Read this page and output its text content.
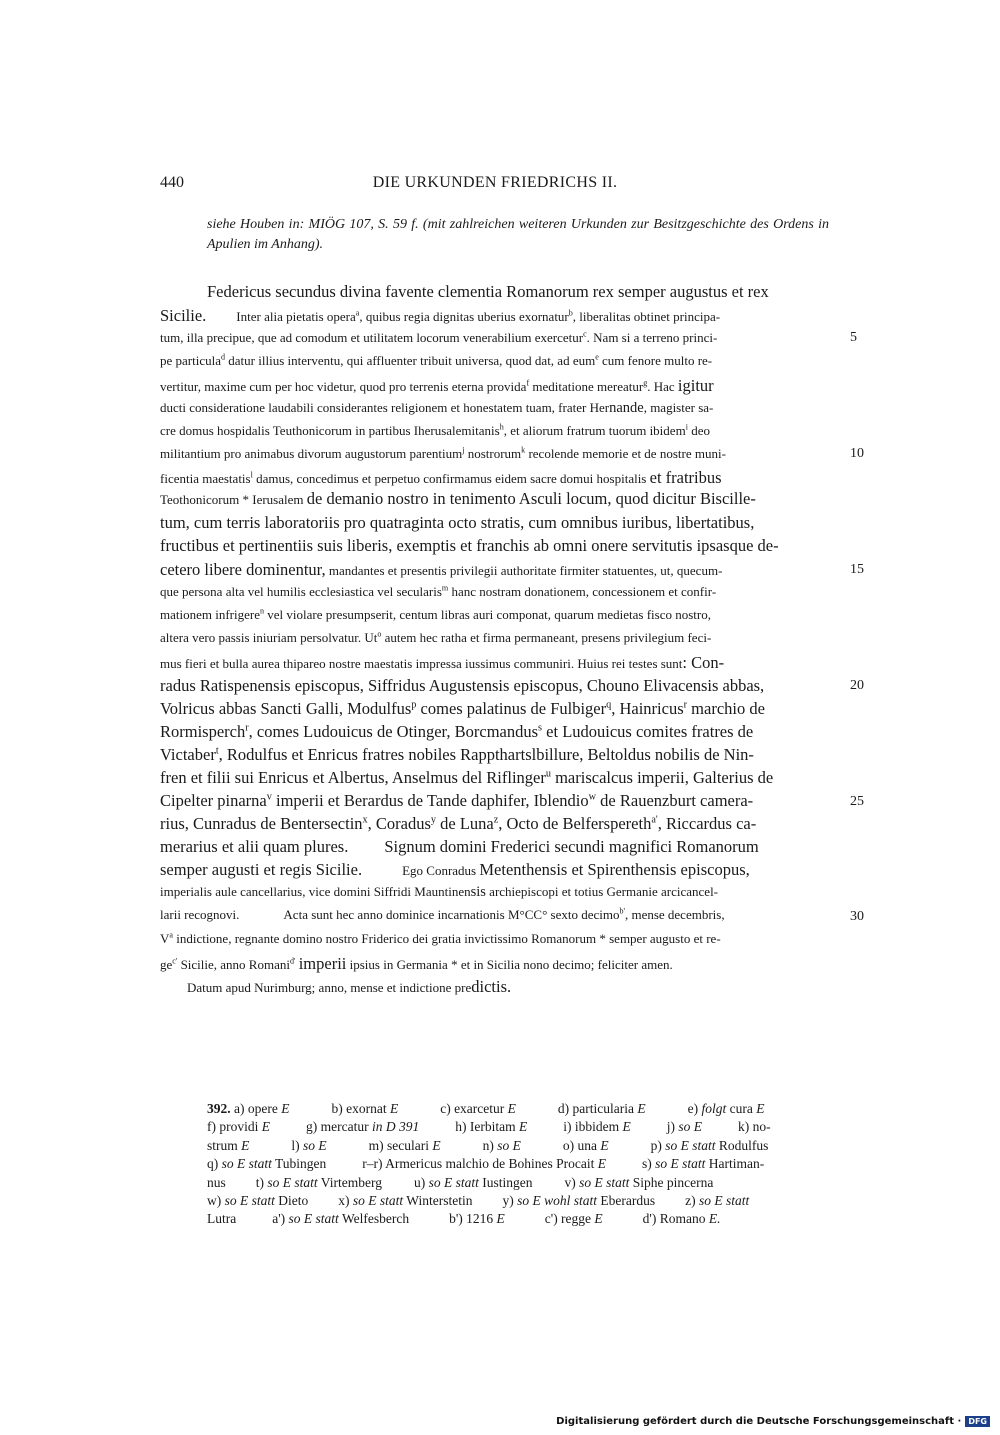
440	DIE URKUNDEN FRIEDRICHS II.
siehe Houben in: MIÖG 107, S. 59 f. (mit zahlreichen weiteren Urkunden zur Besitzgeschichte des Ordens in Apulien im Anhang).
Federicus secundus divina favente clementia Romanorum rex semper augustus et rex
Sicilie. Inter alia pietatis opera$^a$, quibus regia dignitas uberius exornatur$^b$, liberalitas obtinet principa-
tum, illa precipue, que ad comodum et utilitatem locorum venerabilium exercetur$^c$. Nam si a terreno princi-
pe particula$^d$ datur illius interventu, qui affluenter tribuit universa, quod dat, ad eum$^e$ cum fenore multo re-
vertitur, maxime cum per hoc videtur, quod pro terrenis eterna provida$^f$ meditatione mereatur$^g$. Hac igitur
ducti consideratione laudabili considerantes religionem et honestatem tuam, frater Hernande, magister sa-
cre domus hospidalis Teuthonicorum in partibus Iherusalemitanis$^h$, et aliorum fratrum tuorum ibidem$^i$ deo
militantium pro animabus divorum augustorum parentium$^j$ nostrorum$^k$ recolende memorie et de nostre muni-
ficentia maestatis$^l$ damus, concedimus et perpetuo confirmamus eidem sacre domui hospitalis et fratribus
Teothonicorum * Ierusalem de demanio nostro in tenimento Asculi locum, quod dicitur Biscille-
tum, cum terris laboratoriis pro quatraginta octo stratis, cum omnibus iuribus, libertatibus,
fructibus et pertinentiis suis liberis, exemptis et franchis ab omni onere servitutis ipsasque de-
cetero libere dominentur, mandantes et presentis privilegii authoritate firmiter statuentes, ut, quecum-
que persona alta vel humilis ecclesiastica vel secularis$^m$ hanc nostram donationem, concessionem et confir-
mationem infrigere$^n$ vel violare presumpserit, centum libras auri componat, quarum medietas fisco nostro,
altera vero passis iniuriam persolvatur. Ut$^o$ autem hec ratha et firma permaneant, presens privilegium feci-
mus fieri et bulla aurea thipareo nostre maestatis impressa iussimus communiri. Huius rei testes sunt: Con-
radus Ratispenensis episcopus, Siffridus Augustensis episcopus, Chouno Elivacensis abbas,
Volricus abbas Sancti Galli, Modulfus$^p$ comes palatinus de Fulbiger$^q$, Hainricus$^r$ marchio de
Rormisperch$^r$, comes Ludouicus de Otinger, Borcmandus$^s$ et Ludouicus comites fratres de
Victaber$^t$, Rodulfus et Enricus fratres nobiles Rappthartslbillure, Beltoldus nobilis de Nin-
fren et filii sui Enricus et Albertus, Anselmus del Riflinger$^u$ mariscalcus imperii, Galterius de
Cipelter pinarna$^v$ imperii et Berardus de Tande daphifer, Iblendio$^w$ de Rauenzburt camera-
rius, Cunradus de Bentersectin$^x$, Coradus$^y$ de Luna$^z$, Octo de Belferspereth$^{a'}$, Riccardus ca-
merarius et alii quam plures. Signum domini Frederici secundi magnifici Romanorum
semper augusti et regis Sicilie.	Ego Conradus Metenthensis et Spirenthensis episcopus,
imperialis aule cancellarius, vice domini Siffridi Mauntinensis archiepiscopi et totius Germanie arcicancel-
larii recognovi.	Acta sunt hec anno dominice incarnationis M°CC° sexto decimo$^{b'}$, mense decembris,
$V^a$ indictione, regnante domino nostro Friderico dei gratia invictissimo Romanorum * semper augusto et re-
$ge^{c'}$ Sicilie, anno Romani$^{d'}$ imperii ipsius in Germania * et in Sicilia nono decimo; feliciter amen.
Datum apud Nurimburg; anno, mense et indictione predictis.
5
10
15
20
25
30
392. a) opere E	b) exornat E	c) exarcetur E	d) particularia E	e) folgt cura E
f) providi E	g) mercatur in D 391	h) Ierbitam E	i) ibbidem E	j) so E	k) no-
strum E	l) so E	m) seculari E	n) so E	o) una E	p) so E statt Rodulfus
q) so E statt Tubingen	r–r) Armericus malchio de Bohines Procait E	s) so E statt Hartiman-
nus t) so E statt Virtemberg u) so E statt Iustingen v) so E statt Siphe pincerna
w) so E statt Dieto x) so E statt Winterstetin y) so E wohl statt Eberardus z) so E statt
Lutra	a') so E statt Welfesberch	b') 1216 E	c') regge E	d') Romano E.
Digitalisierung gefördert durch die Deutsche Forschungsgemeinschaft · DFG
